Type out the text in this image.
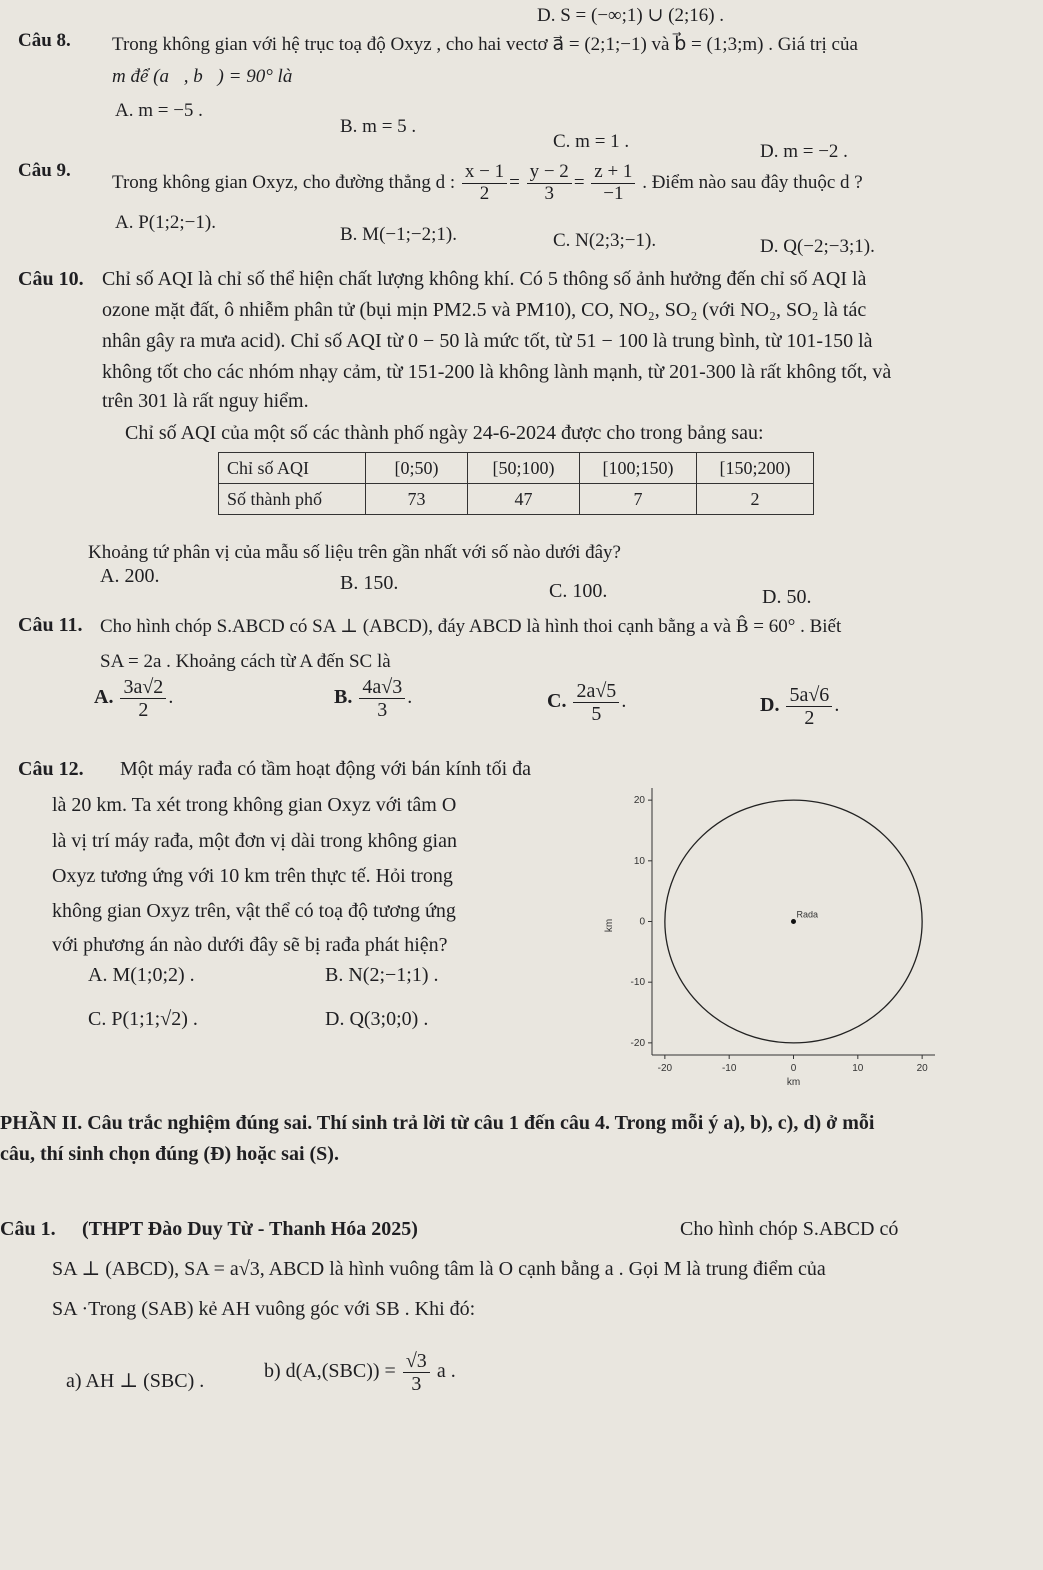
D. S = (−∞;1) ∪ (2;16) .
Câu 8. Trong không gian với hệ trục toạ độ Oxyz , cho hai vectơ a⃗ = (2;1;−1) và b⃗ = (1;3;m) . Giá trị của
m để (a⃗, b⃗) = 90° là
A. m = −5 .
B. m = 5 .
C. m = 1 .	D. m = −2 .
Câu 9.
Trong không gian Oxyz, cho đường thẳng d : $\frac{x - 1}{2} = \frac{y - 2}{3} = \frac{z + 1}{-1}$ . Điểm nào sau đây thuộc d ?
A. P(1;2;−1).
B. M(−1;−2;1).	C. N(2;3;−1).	D. Q(−2;−3;1).
Câu 10. Chỉ số AQI là chỉ số thể hiện chất lượng không khí. Có 5 thông số ảnh hưởng đến chỉ số AQI là
ozone mặt đất, ô nhiễm phân tử (bụi mịn PM2.5 và PM10), CO, NO₂, SO₂ (với NO₂, SO₂ là tác
nhân gây ra mưa acid). Chỉ số AQI từ 0 − 50 là mức tốt, từ 51 − 100 là trung bình, từ 101-150 là
không tốt cho các nhóm nhạy cảm, từ 151-200 là không lành mạnh, từ 201-300 là rất không tốt, và
trên 301 là rất nguy hiểm.
Chỉ số AQI của một số các thành phố ngày 24-6-2024 được cho trong bảng sau:
Chỉ số AQI	[0;50)	[50;100)	[100;150)	[150;200)
Số thành phố	73	47	7	2
Khoảng tứ phân vị của mẫu số liệu trên gần nhất với số nào dưới đây?
A. 200.	B. 150.	C. 100.	D. 50.
Câu 11. Cho hình chóp S.ABCD có SA ⊥ (ABCD), đáy ABCD là hình thoi cạnh bằng a và B̂ = 60° . Biết
SA = 2a . Khoảng cách từ A đến SC là
A. $\frac{3a√2}{2}$ .	B. $\frac{4a√3}{3}$ .	C. $\frac{2a√5}{5}$ .	D. $\frac{5a√6}{2}$ .
Câu 12. Một máy rađa có tầm hoạt động với bán kính tối đa
là 20 km. Ta xét trong không gian Oxyz với tâm O
là vị trí máy rađa, một đơn vị dài trong không gian
Oxyz tương ứng với 10 km trên thực tế. Hỏi trong
không gian Oxyz trên, vật thể có toạ độ tương ứng
với phương án nào dưới đây sẽ bị rađa phát hiện?
A. M(1;0;2) .	B. N(2;−1;1) .
C. P(1;1;√2) .	D. Q(3;0;0) .
-20	-10	0	10	20
20
10
0
-10
-20
km
km
Rada
PHẦN II. Câu trắc nghiệm đúng sai. Thí sinh trả lời từ câu 1 đến câu 4. Trong mỗi ý a), b), c), d) ở mỗi
câu, thí sinh chọn đúng (Đ) hoặc sai (S).
Câu 1. (THPT Đào Duy Từ - Thanh Hóa 2025)	Cho hình chóp S.ABCD có
SA ⊥ (ABCD), SA = a√3, ABCD là hình vuông tâm là O cạnh bằng a . Gọi M là trung điểm của
SA ·Trong (SAB) kẻ AH vuông góc với SB . Khi đó:
a) AH ⊥ (SBC) .	b) $d(A,(SBC)) = \frac{√3}{3}$ a .
